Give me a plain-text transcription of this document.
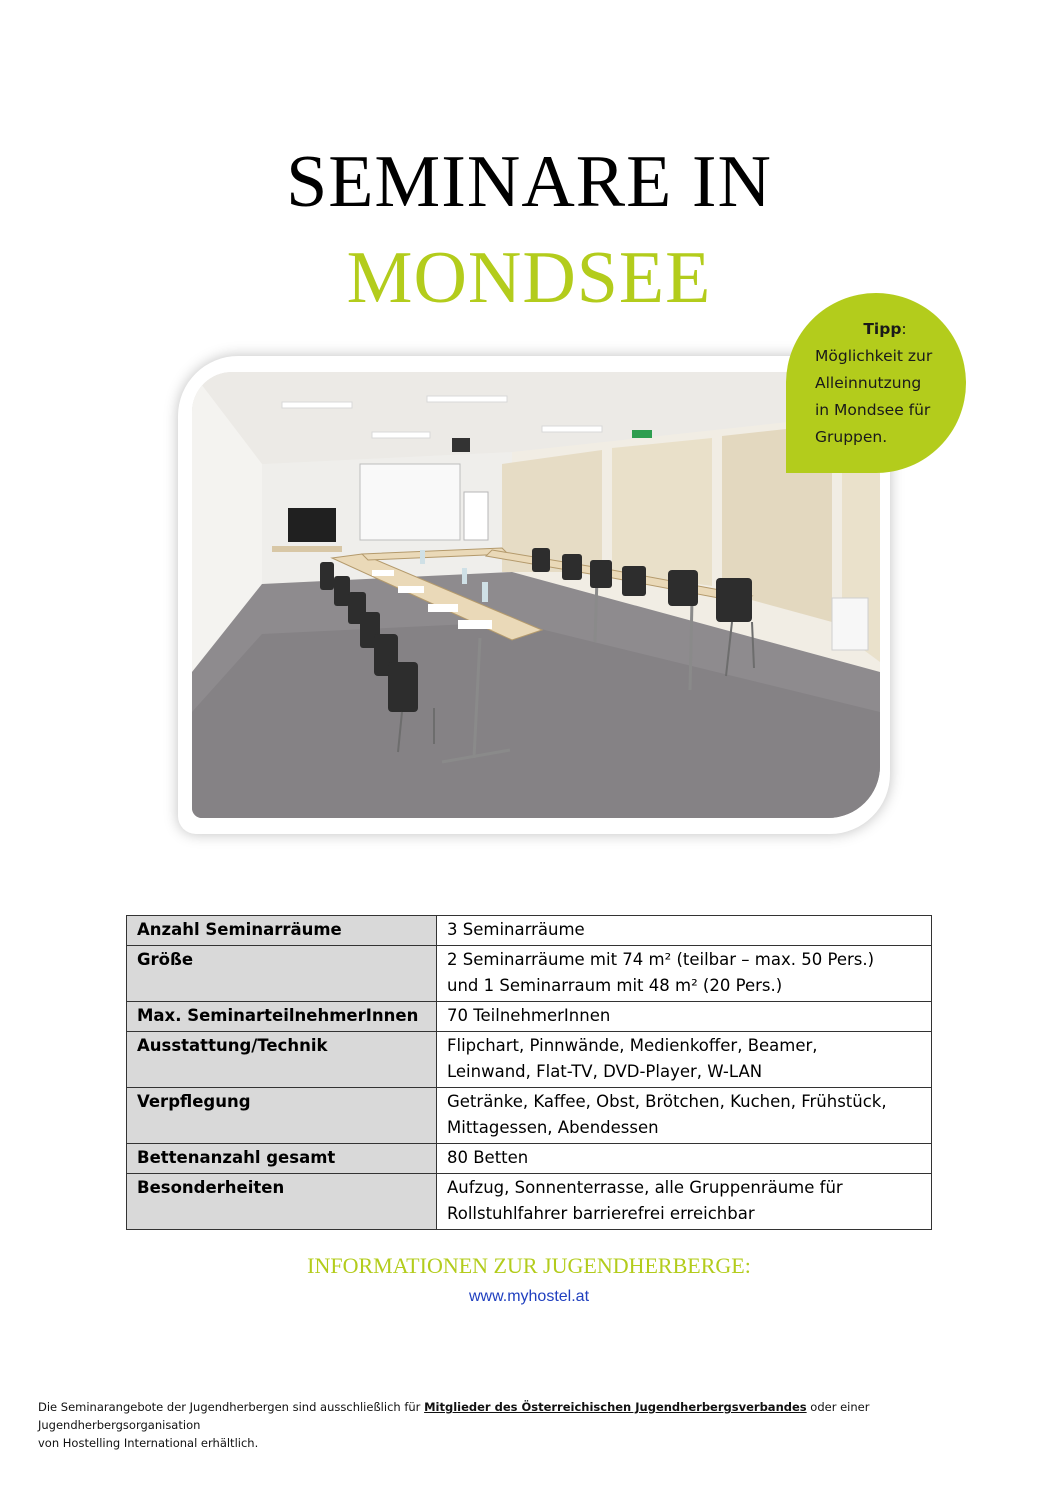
SEMINARE IN
MONDSEE
Tipp:
Möglichkeit zur
Alleinnutzung
in Mondsee für
Gruppen.
Anzahl Seminarräume	3 Seminarräume

Größe	2 Seminarräume mit 74 m² (teilbar – max. 50 Pers.)
und 1 Seminarraum mit 48 m² (20 Pers.)

Max. SeminarteilnehmerInnen	70 TeilnehmerInnen

Ausstattung/Technik	Flipchart, Pinnwände, Medienkoffer, Beamer,
Leinwand, Flat-TV, DVD-Player, W-LAN

Verpflegung	Getränke, Kaffee, Obst, Brötchen, Kuchen, Frühstück,
Mittagessen, Abendessen

Bettenanzahl gesamt	80 Betten

Besonderheiten	Aufzug, Sonnenterrasse, alle Gruppenräume für
Rollstuhlfahrer barrierefrei erreichbar
INFORMATIONEN ZUR JUGENDHERBERGE:
www.myhostel.at
Die Seminarangebote der Jugendherbergen sind ausschließlich für Mitglieder des Österreichischen Jugendherbergsverbandes oder einer Jugendherbergsorganisation
von Hostelling International erhältlich.
